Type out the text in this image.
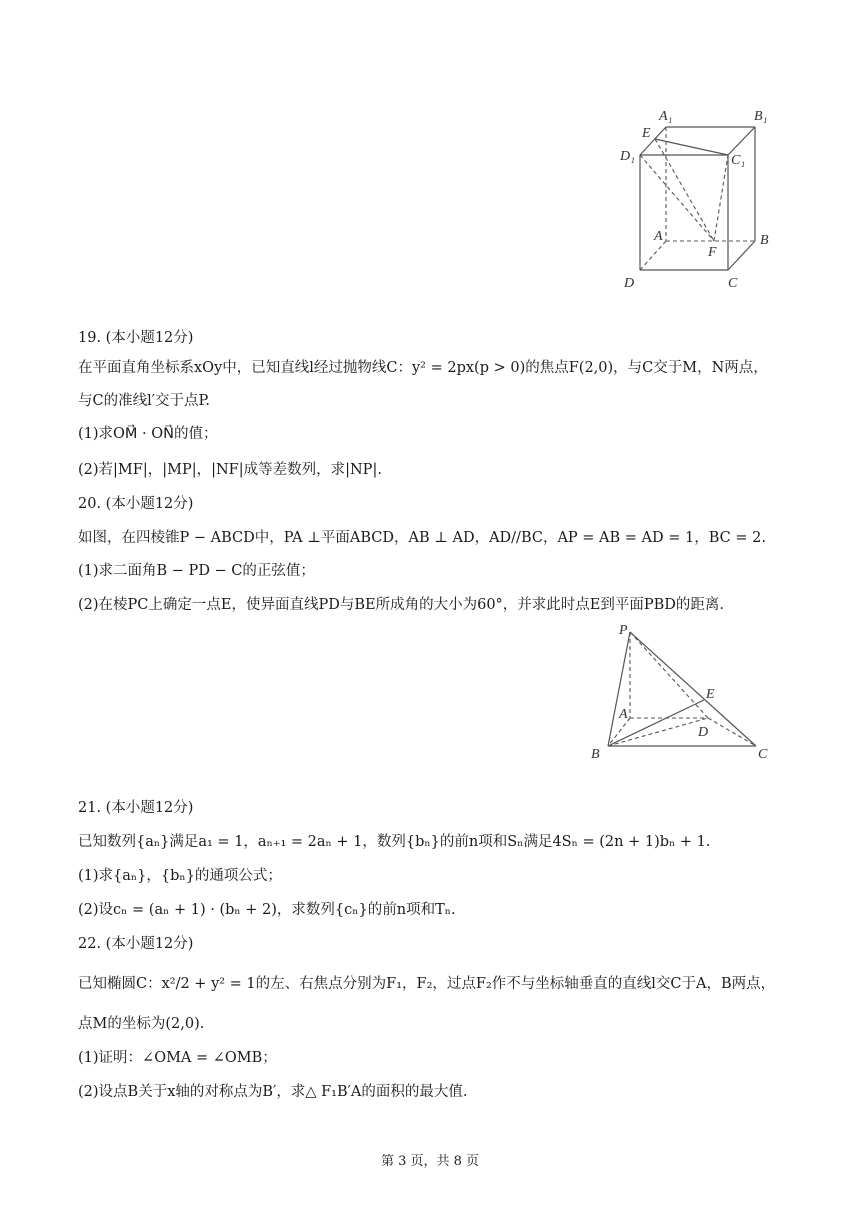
A₁	B₁
E
D₁	C₁
A	B
F
D	C
19. (本小题12分)
在平面直角坐标系xOy中，已知直线l经过抛物线C：y² = 2px(p > 0)的焦点F(2,0)，与C交于M，N两点，
与C的准线l′交于点P.
(1)求OM⃗ · ON⃗的值；
(2)若|MF|，|MP|，|NF|成等差数列，求|NP|.
20. (本小题12分)
如图，在四棱锥P − ABCD中，PA ⊥平面ABCD，AB ⊥ AD，AD//BC，AP = AB = AD = 1，BC = 2.
(1)求二面角B − PD − C的正弦值；
(2)在棱PC上确定一点E，使异面直线PD与BE所成角的大小为60°，并求此时点E到平面PBD的距离.
P
E
A
D
B	C
21. (本小题12分)
已知数列{aₙ}满足a₁ = 1，aₙ₊₁ = 2aₙ + 1，数列{bₙ}的前n项和Sₙ满足4Sₙ = (2n + 1)bₙ + 1.
(1)求{aₙ}，{bₙ}的通项公式；
(2)设cₙ = (aₙ + 1) · (bₙ + 2)，求数列{cₙ}的前n项和Tₙ.
22. (本小题12分)
已知椭圆C：x²/2 + y² = 1的左、右焦点分别为F₁，F₂，过点F₂作不与坐标轴垂直的直线l交C于A，B两点，
点M的坐标为(2,0).
(1)证明：∠OMA = ∠OMB；
(2)设点B关于x轴的对称点为B′，求△ F₁B′A的面积的最大值.
第 3 页，共 8 页
